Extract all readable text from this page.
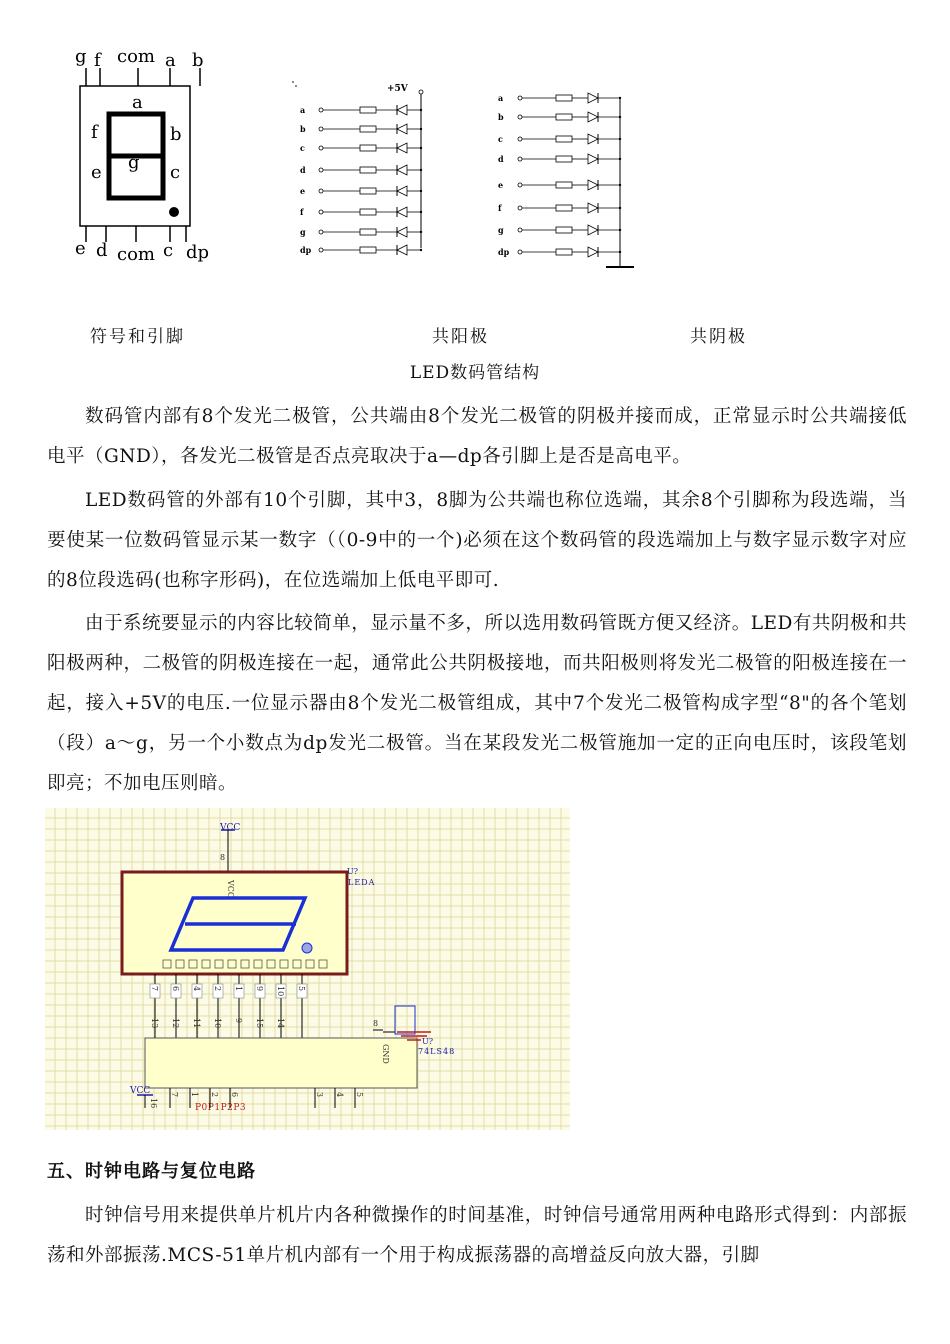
g f com a b
a
b
c
e
f
g
e d com c dp
+5V
a
b
c
d
e
f
g
dp
a
b
c
d
e
f
g
dp
符号和引脚	共阳极	共阴极
LED数码管结构

数码管内部有8个发光二极管，公共端由8个发光二极管的阴极并接而成，正常显示时公共端接低电平（GND），各发光二极管是否点亮取决于a—dp各引脚上是否是高电平。

LED数码管的外部有10个引脚，其中3，8脚为公共端也称位选端，其余8个引脚称为段选端，当要使某一位数码管显示某一数字（（0-9中的一个)必须在这个数码管的段选端加上与数字显示数字对应的8位段选码(也称字形码)，在位选端加上低电平即可.

由于系统要显示的内容比较简单，显示量不多，所以选用数码管既方便又经济。LED有共阴极和共阳极两种，二极管的阴极连接在一起，通常此公共阴极接地，而共阳极则将发光二极管的阳极连接在一起，接入+5V的电压.一位显示器由8个发光二极管组成，其中7个发光二极管构成字型“8"的各个笔划（段）a～g，另一个小数点为dp发光二极管。当在某段发光二极管施加一定的正向电压时，该段笔划即亮；不加电压则暗。

VCC
8
VCC
U?
LEDA
7 6 4 2 1 9 10 5
13 12 11 10 9 15 14
U?
74LS48
GND
8
VCC
16	P0P1P2P3
7 1 2 6	3 4 5
五、时钟电路与复位电路

时钟信号用来提供单片机片内各种微操作的时间基准，时钟信号通常用两种电路形式得到：内部振荡和外部振荡.MCS-51单片机内部有一个用于构成振荡器的高增益反向放大器，引脚
